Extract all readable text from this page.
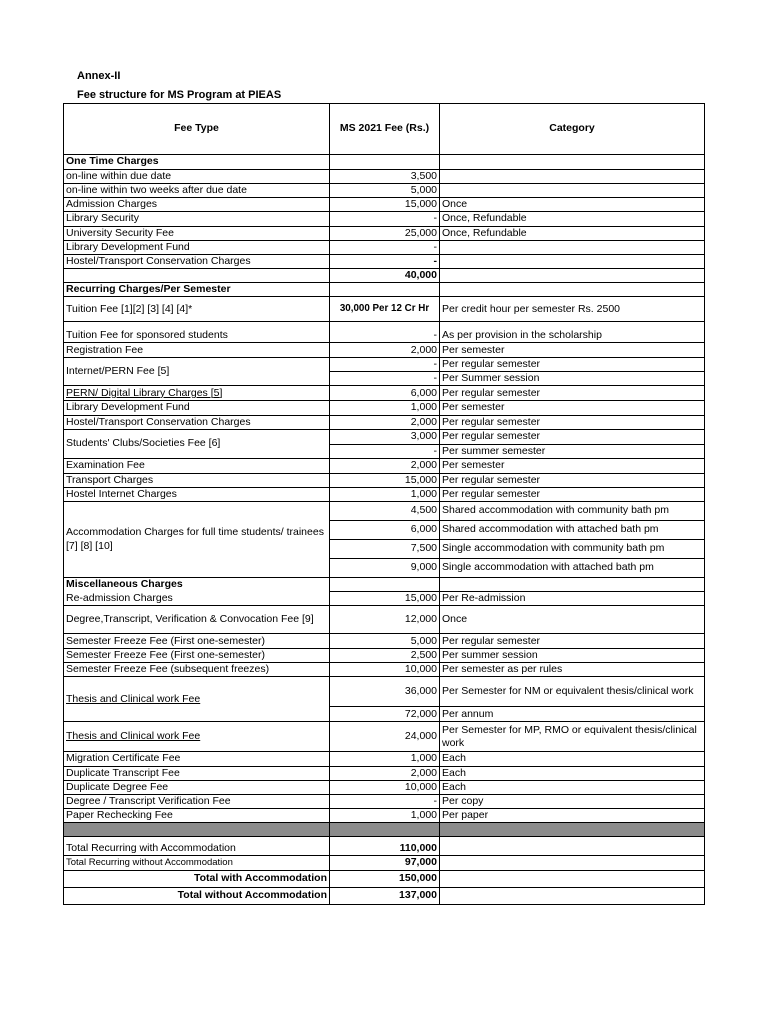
Annex-II
Fee structure for MS Program at PIEAS
Fee Type	MS 2021 Fee (Rs.)	Category
One Time Charges		
on-line within due date	3,500	
on-line within two weeks after due date	5,000	
Admission Charges	15,000	Once
Library Security	-	Once, Refundable
University Security Fee	25,000	Once, Refundable
Library Development Fund	-	
Hostel/Transport Conservation Charges	-	
	40,000	
Recurring Charges/Per Semester		
Tuition Fee [1][2] [3] [4] [4]*	30,000 Per 12 Cr Hr	Per credit hour per semester Rs. 2500
Tuition Fee for sponsored students	-	As per provision in the scholarship
Registration Fee	2,000	Per semester
Internet/PERN Fee [5]	-	Per regular semester
	-	Per Summer session
PERN/ Digital Library Charges [5]	6,000	Per regular semester
Library Development Fund	1,000	Per semester
Hostel/Transport Conservation Charges	2,000	Per regular semester
Students' Clubs/Societies Fee [6]	3,000	Per regular semester
	-	Per summer semester
Examination Fee	2,000	Per semester
Transport Charges	15,000	Per regular semester
Hostel Internet Charges	1,000	Per regular semester
Accommodation Charges for full time students/ trainees [7] [8] [10]	4,500	Shared accommodation with community bath pm
	6,000	Shared accommodation with attached bath pm
	7,500	Single accommodation with community bath pm
	9,000	Single accommodation with attached bath pm
Miscellaneous Charges		
Re-admission Charges	15,000	Per Re-admission
Degree,Transcript, Verification & Convocation Fee [9]	12,000	Once
Semester Freeze Fee (First one-semester)	5,000	Per regular semester
Semester Freeze Fee (First one-semester)	2,500	Per summer session
Semester Freeze Fee (subsequent freezes)	10,000	Per semester as per rules
Thesis and Clinical work Fee	36,000	Per Semester for NM or equivalent thesis/clinical work
	72,000	Per annum
Thesis and Clinical work Fee	24,000	Per Semester for MP, RMO or equivalent thesis/clinical work
Migration Certificate Fee	1,000	Each
Duplicate Transcript Fee	2,000	Each
Duplicate Degree Fee	10,000	Each
Degree / Transcript Verification Fee	-	Per copy
Paper Rechecking Fee	1,000	Per paper

Total Recurring with Accommodation	110,000	
Total Recurring without Accommodation	97,000	
Total with Accommodation	150,000	
Total without Accommodation	137,000	
